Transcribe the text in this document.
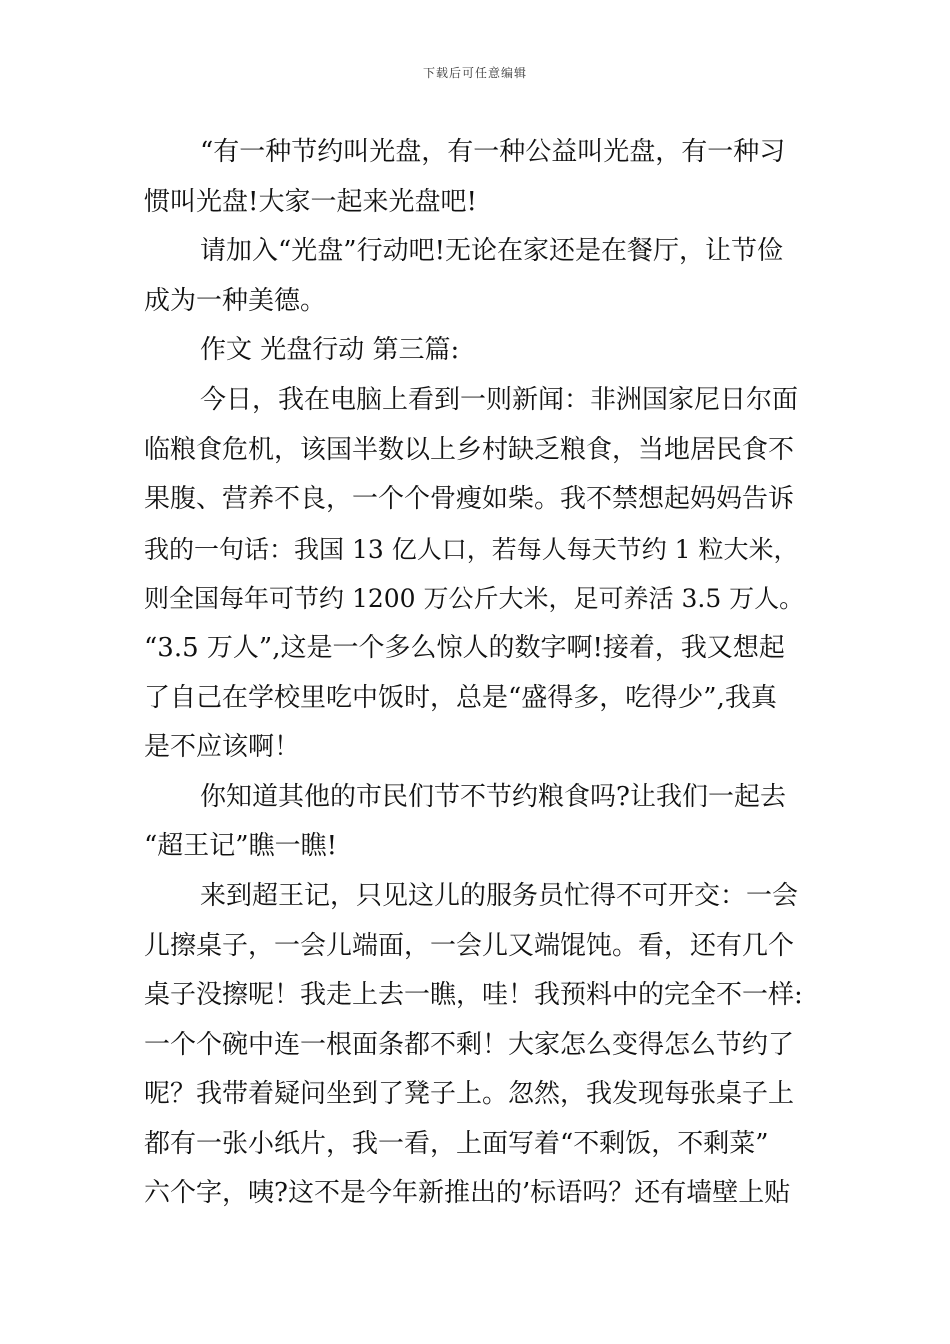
下载后可任意编辑
“有一种节约叫光盘，有一种公益叫光盘，有一种习
惯叫光盘!大家一起来光盘吧!
请加入“光盘”行动吧!无论在家还是在餐厅，让节俭
成为一种美德。
作文 光盘行动 第三篇:
今日，我在电脑上看到一则新闻：非洲国家尼日尔面
临粮食危机，该国半数以上乡村缺乏粮食，当地居民食不
果腹、营养不良，一个个骨瘦如柴。我不禁想起妈妈告诉
我的一句话：我国 13 亿人口，若每人每天节约 1 粒大米，
则全国每年可节约 1200 万公斤大米，足可养活 3.5 万人。
“3.5 万人”,这是一个多么惊人的数字啊!接着，我又想起
了自己在学校里吃中饭时，总是“盛得多，吃得少”,我真
是不应该啊！
你知道其他的市民们节不节约粮食吗?让我们一起去
“超王记”瞧一瞧!
来到超王记，只见这儿的服务员忙得不可开交：一会
儿擦桌子，一会儿端面，一会儿又端馄饨。看，还有几个
桌子没擦呢！我走上去一瞧，哇！我预料中的完全不一样:
一个个碗中连一根面条都不剩！大家怎么变得怎么节约了
呢？我带着疑问坐到了凳子上。忽然，我发现每张桌子上
都有一张小纸片，我一看，上面写着“不剩饭，不剩菜”
六个字，咦?这不是今年新推出的’标语吗？还有墙壁上贴
